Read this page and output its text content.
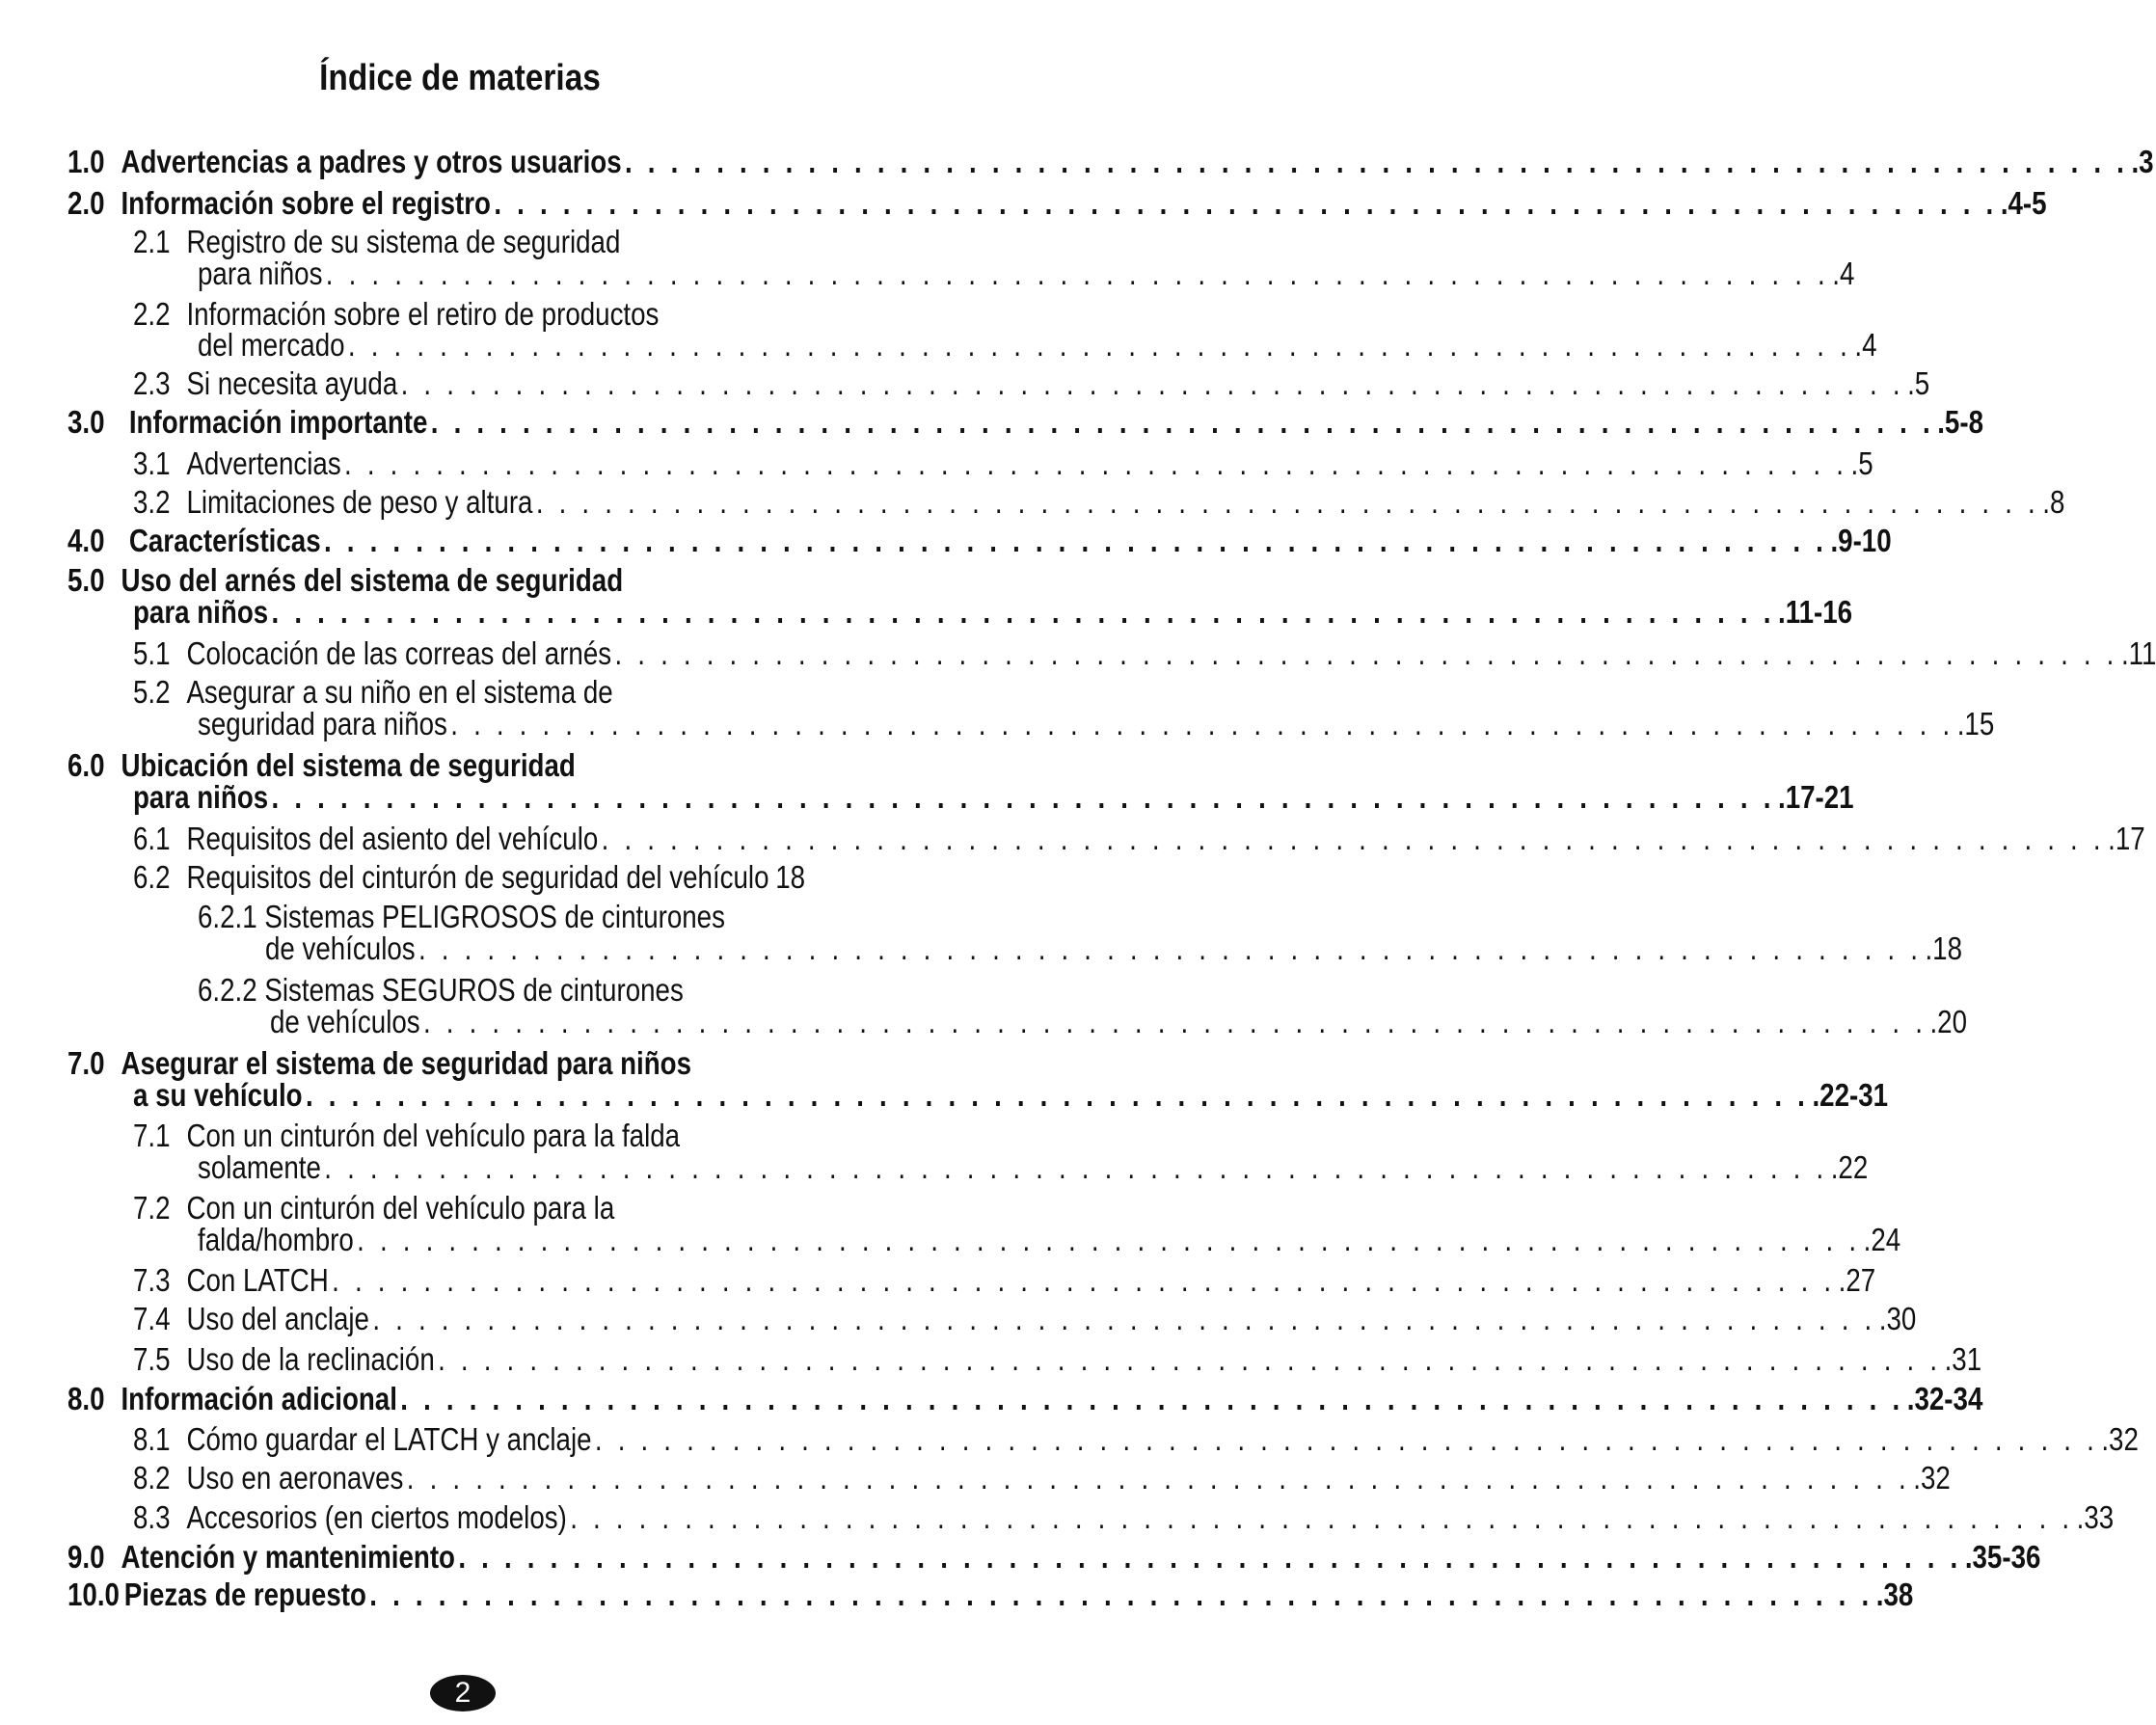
Índice de materias
1.0 Advertencias a padres y otros usuarios . . . . . . . . . . . . . . . . . . . . . . . . . . . . . . . . . . . . . . . . . . . . . . . . . . . . . . . . . . . . . . . . . . .3
2.0 Información sobre el registro . . . . . . . . . . . . . . . . . . . . . . . . . . . . . . . . . . . . . . . . . . . . . . . . . . . . . . . . . . . . . . . . . . .4-5
2.1 Registro de su sistema de seguridad
para niños . . . . . . . . . . . . . . . . . . . . . . . . . . . . . . . . . . . . . . . . . . . . . . . . . . . . . . . . . . . . . . . . . . .4
2.2 Información sobre el retiro de productos
del mercado . . . . . . . . . . . . . . . . . . . . . . . . . . . . . . . . . . . . . . . . . . . . . . . . . . . . . . . . . . . . . . . . . . .4
2.3 Si necesita ayuda . . . . . . . . . . . . . . . . . . . . . . . . . . . . . . . . . . . . . . . . . . . . . . . . . . . . . . . . . . . . . . . . . . .5
3.0 Información importante . . . . . . . . . . . . . . . . . . . . . . . . . . . . . . . . . . . . . . . . . . . . . . . . . . . . . . . . . . . . . . . . . . .5-8
3.1 Advertencias . . . . . . . . . . . . . . . . . . . . . . . . . . . . . . . . . . . . . . . . . . . . . . . . . . . . . . . . . . . . . . . . . . .5
3.2 Limitaciones de peso y altura . . . . . . . . . . . . . . . . . . . . . . . . . . . . . . . . . . . . . . . . . . . . . . . . . . . . . . . . . . . . . . . . . . .8
4.0 Características . . . . . . . . . . . . . . . . . . . . . . . . . . . . . . . . . . . . . . . . . . . . . . . . . . . . . . . . . . . . . . . . . . .9-10
5.0 Uso del arnés del sistema de seguridad
para niños . . . . . . . . . . . . . . . . . . . . . . . . . . . . . . . . . . . . . . . . . . . . . . . . . . . . . . . . . . . . . . . . . . .11-16
5.1 Colocación de las correas del arnés . . . . . . . . . . . . . . . . . . . . . . . . . . . . . . . . . . . . . . . . . . . . . . . . . . . . . . . . . . . . . . . . . . .11
5.2 Asegurar a su niño en el sistema de
seguridad para niños . . . . . . . . . . . . . . . . . . . . . . . . . . . . . . . . . . . . . . . . . . . . . . . . . . . . . . . . . . . . . . . . . . .15
6.0 Ubicación del sistema de seguridad
para niños . . . . . . . . . . . . . . . . . . . . . . . . . . . . . . . . . . . . . . . . . . . . . . . . . . . . . . . . . . . . . . . . . . .17-21
6.1 Requisitos del asiento del vehículo . . . . . . . . . . . . . . . . . . . . . . . . . . . . . . . . . . . . . . . . . . . . . . . . . . . . . . . . . . . . . . . . . . .17
6.2 Requisitos del cinturón de seguridad del vehículo 18
6.2.1 Sistemas PELIGROSOS de cinturones
de vehículos . . . . . . . . . . . . . . . . . . . . . . . . . . . . . . . . . . . . . . . . . . . . . . . . . . . . . . . . . . . . . . . . . . .18
6.2.2 Sistemas SEGUROS de cinturones
de vehículos . . . . . . . . . . . . . . . . . . . . . . . . . . . . . . . . . . . . . . . . . . . . . . . . . . . . . . . . . . . . . . . . . . .20
7.0 Asegurar el sistema de seguridad para niños
a su vehículo . . . . . . . . . . . . . . . . . . . . . . . . . . . . . . . . . . . . . . . . . . . . . . . . . . . . . . . . . . . . . . . . . . .22-31
7.1 Con un cinturón del vehículo para la falda
solamente . . . . . . . . . . . . . . . . . . . . . . . . . . . . . . . . . . . . . . . . . . . . . . . . . . . . . . . . . . . . . . . . . . .22
7.2 Con un cinturón del vehículo para la
falda/hombro . . . . . . . . . . . . . . . . . . . . . . . . . . . . . . . . . . . . . . . . . . . . . . . . . . . . . . . . . . . . . . . . . . .24
7.3 Con LATCH . . . . . . . . . . . . . . . . . . . . . . . . . . . . . . . . . . . . . . . . . . . . . . . . . . . . . . . . . . . . . . . . . . .27
7.4 Uso del anclaje . . . . . . . . . . . . . . . . . . . . . . . . . . . . . . . . . . . . . . . . . . . . . . . . . . . . . . . . . . . . . . . . . . .30
7.5 Uso de la reclinación . . . . . . . . . . . . . . . . . . . . . . . . . . . . . . . . . . . . . . . . . . . . . . . . . . . . . . . . . . . . . . . . . . .31
8.0 Información adicional . . . . . . . . . . . . . . . . . . . . . . . . . . . . . . . . . . . . . . . . . . . . . . . . . . . . . . . . . . . . . . . . . . .32-34
8.1 Cómo guardar el LATCH y anclaje . . . . . . . . . . . . . . . . . . . . . . . . . . . . . . . . . . . . . . . . . . . . . . . . . . . . . . . . . . . . . . . . . . .32
8.2 Uso en aeronaves . . . . . . . . . . . . . . . . . . . . . . . . . . . . . . . . . . . . . . . . . . . . . . . . . . . . . . . . . . . . . . . . . . .32
8.3 Accesorios (en ciertos modelos) . . . . . . . . . . . . . . . . . . . . . . . . . . . . . . . . . . . . . . . . . . . . . . . . . . . . . . . . . . . . . . . . . . .33
9.0 Atención y mantenimiento . . . . . . . . . . . . . . . . . . . . . . . . . . . . . . . . . . . . . . . . . . . . . . . . . . . . . . . . . . . . . . . . . . .35-36
10.0 Piezas de repuesto . . . . . . . . . . . . . . . . . . . . . . . . . . . . . . . . . . . . . . . . . . . . . . . . . . . . . . . . . . . . . . . . . . .38
2
